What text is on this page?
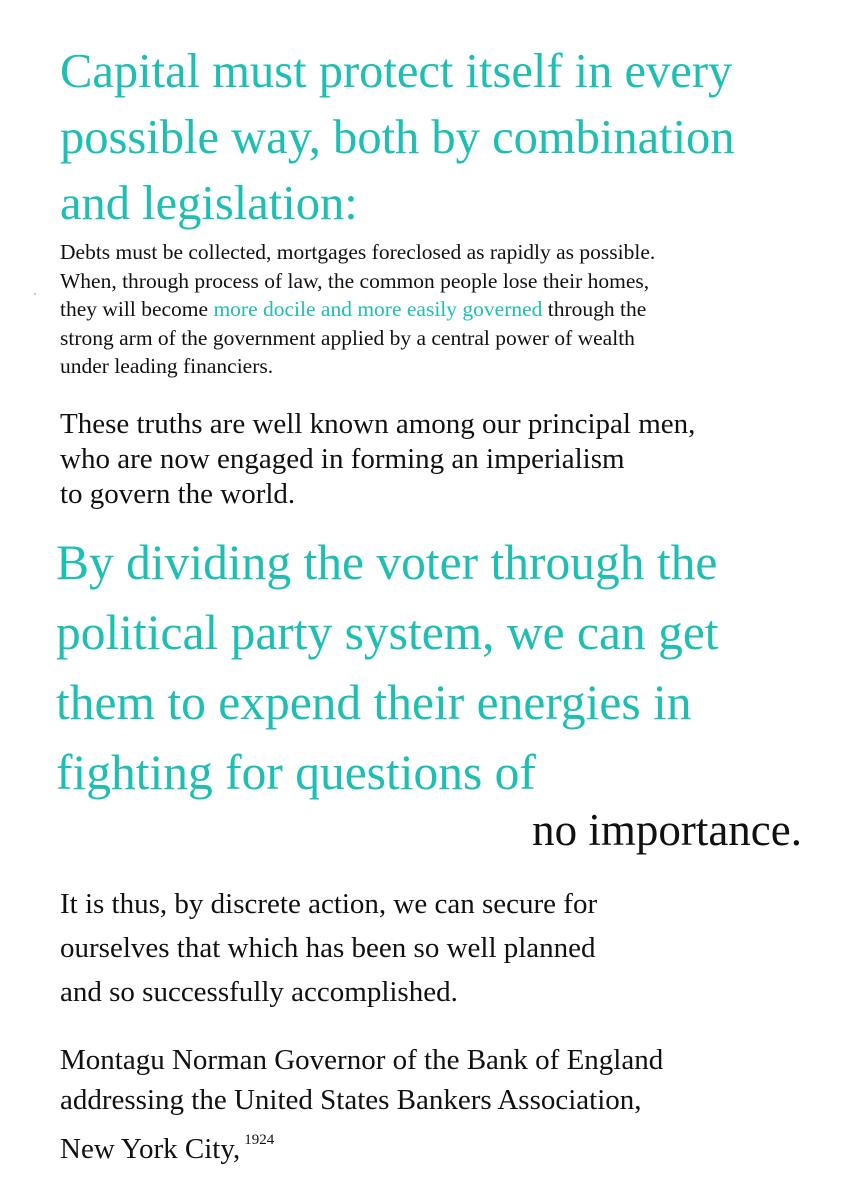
Capital must protect itself in every
possible way, both by combination
and legislation:

Debts must be collected, mortgages foreclosed as rapidly as possible.
When, through process of law, the common people lose their homes,
they will become more docile and more easily governed through the
strong arm of the government applied by a central power of wealth
under leading financiers.

These truths are well known among our principal men,
who are now engaged in forming an imperialism
to govern the world.

By dividing the voter through the
political party system, we can get
them to expend their energies in
fighting for questions of

no importance.

It is thus, by discrete action, we can secure for
ourselves that which has been so well planned
and so successfully accomplished.

Montagu Norman Governor of the Bank of England
addressing the United States Bankers Association,
New York City, $^{1924}$
